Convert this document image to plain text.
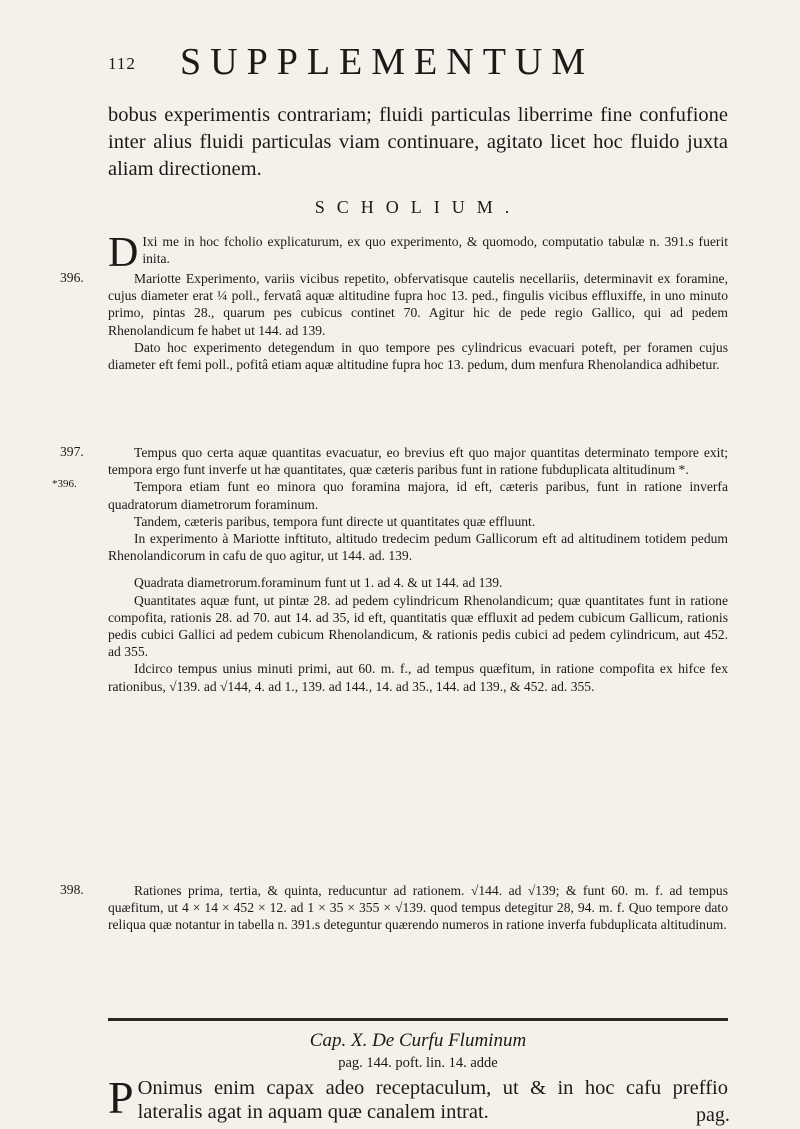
112 SUPPLEMENTUM

bobus experimentis contrariam; fluidi particulas liberrime fine confufione inter alius fluidi particulas viam continuare, agitato licet hoc fluido juxta aliam directionem.

SCHOLIUM.

D Ixi me in hoc fcholio explicaturum, ex quo experimento, & quomodo, computatio tabulæ n. 391.s fuerit inita.

396.	Mariotte Experimento, variis vicibus repetito, obfervatisque cautelis necellariis, determinavit ex foramine, cujus diameter erat ¼ poll., fervatâ aquæ altitudine fupra hoc 13. ped., fingulis vicibus effluxiffe, in uno minuto primo, pintas 28., quarum pes cubicus continet 70. Agitur hic de pede regio Gallico, qui ad pedem Rhenolandicum fe habet ut 144. ad 139.

Dato hoc experimento detegendum in quo tempore pes cylindricus evacuari poteft, per foramen cujus diameter eft femi poll., pofitâ etiam aquæ altitudine fupra hoc 13. pedum, dum menfura Rhenolandica adhibetur.

397.
*396.

Tempus quo certa aquæ quantitas evacuatur, eo brevius eft quo major quantitas determinato tempore exit; tempora ergo funt inverfe ut hæ quantitates, quæ cæteris paribus funt in ratione fubduplicata altitudinum *.

Tempora etiam funt eo minora quo foramina majora, id eft, cæteris paribus, funt in ratione inverfa quadratorum diametrorum foraminum.

Tandem, cæteris paribus, tempora funt directe ut quantitates quæ effluunt.

In experimento à Mariotte inftituto, altitudo tredecim pedum Gallicorum eft ad altitudinem totidem pedum Rhenolandicorum in cafu de quo agitur, ut 144. ad. 139.

Quadrata diametrorum.foraminum funt ut 1. ad 4. & ut 144. ad 139.

Quantitates aquæ funt, ut pintæ 28. ad pedem cylindricum Rhenolandicum; quæ quantitates funt in ratione compofita, rationis 28. ad 70. aut 14. ad 35, id eft, quantitatis quæ effluxit ad pedem cubicum Gallicum, rationis pedis cubici Gallici ad pedem cubicum Rhenolandicum, & rationis pedis cubici ad pedem cylindricum, aut 452. ad 355.

Idcirco tempus unius minuti primi, aut 60. m. f., ad tempus quæfitum, in ratione compofita ex hifce fex rationibus, √139. ad √144, 4. ad 1., 139. ad 144., 14. ad 35., 144. ad 139., & 452. ad. 355.

398.	Rationes prima, tertia, & quinta, reducuntur ad rationem. √144. ad √139; & funt 60. m. f. ad tempus quæfitum, ut 4 × 14 × 452 × 12. ad 1 × 35 × 355 × √139. quod tempus detegitur 28, 94. m. f. Quo tempore dato reliqua quæ notantur in tabella n. 391.s deteguntur quærendo numeros in ratione inverfa fubduplicata altitudinum.

Cap. X. De Curfu Fluminum
pag. 144. poft. lin. 14. adde
P Onimus enim capax adeo receptaculum, ut & in hoc cafu preffio lateralis agat in aquam quæ canalem intrat.	pag.
